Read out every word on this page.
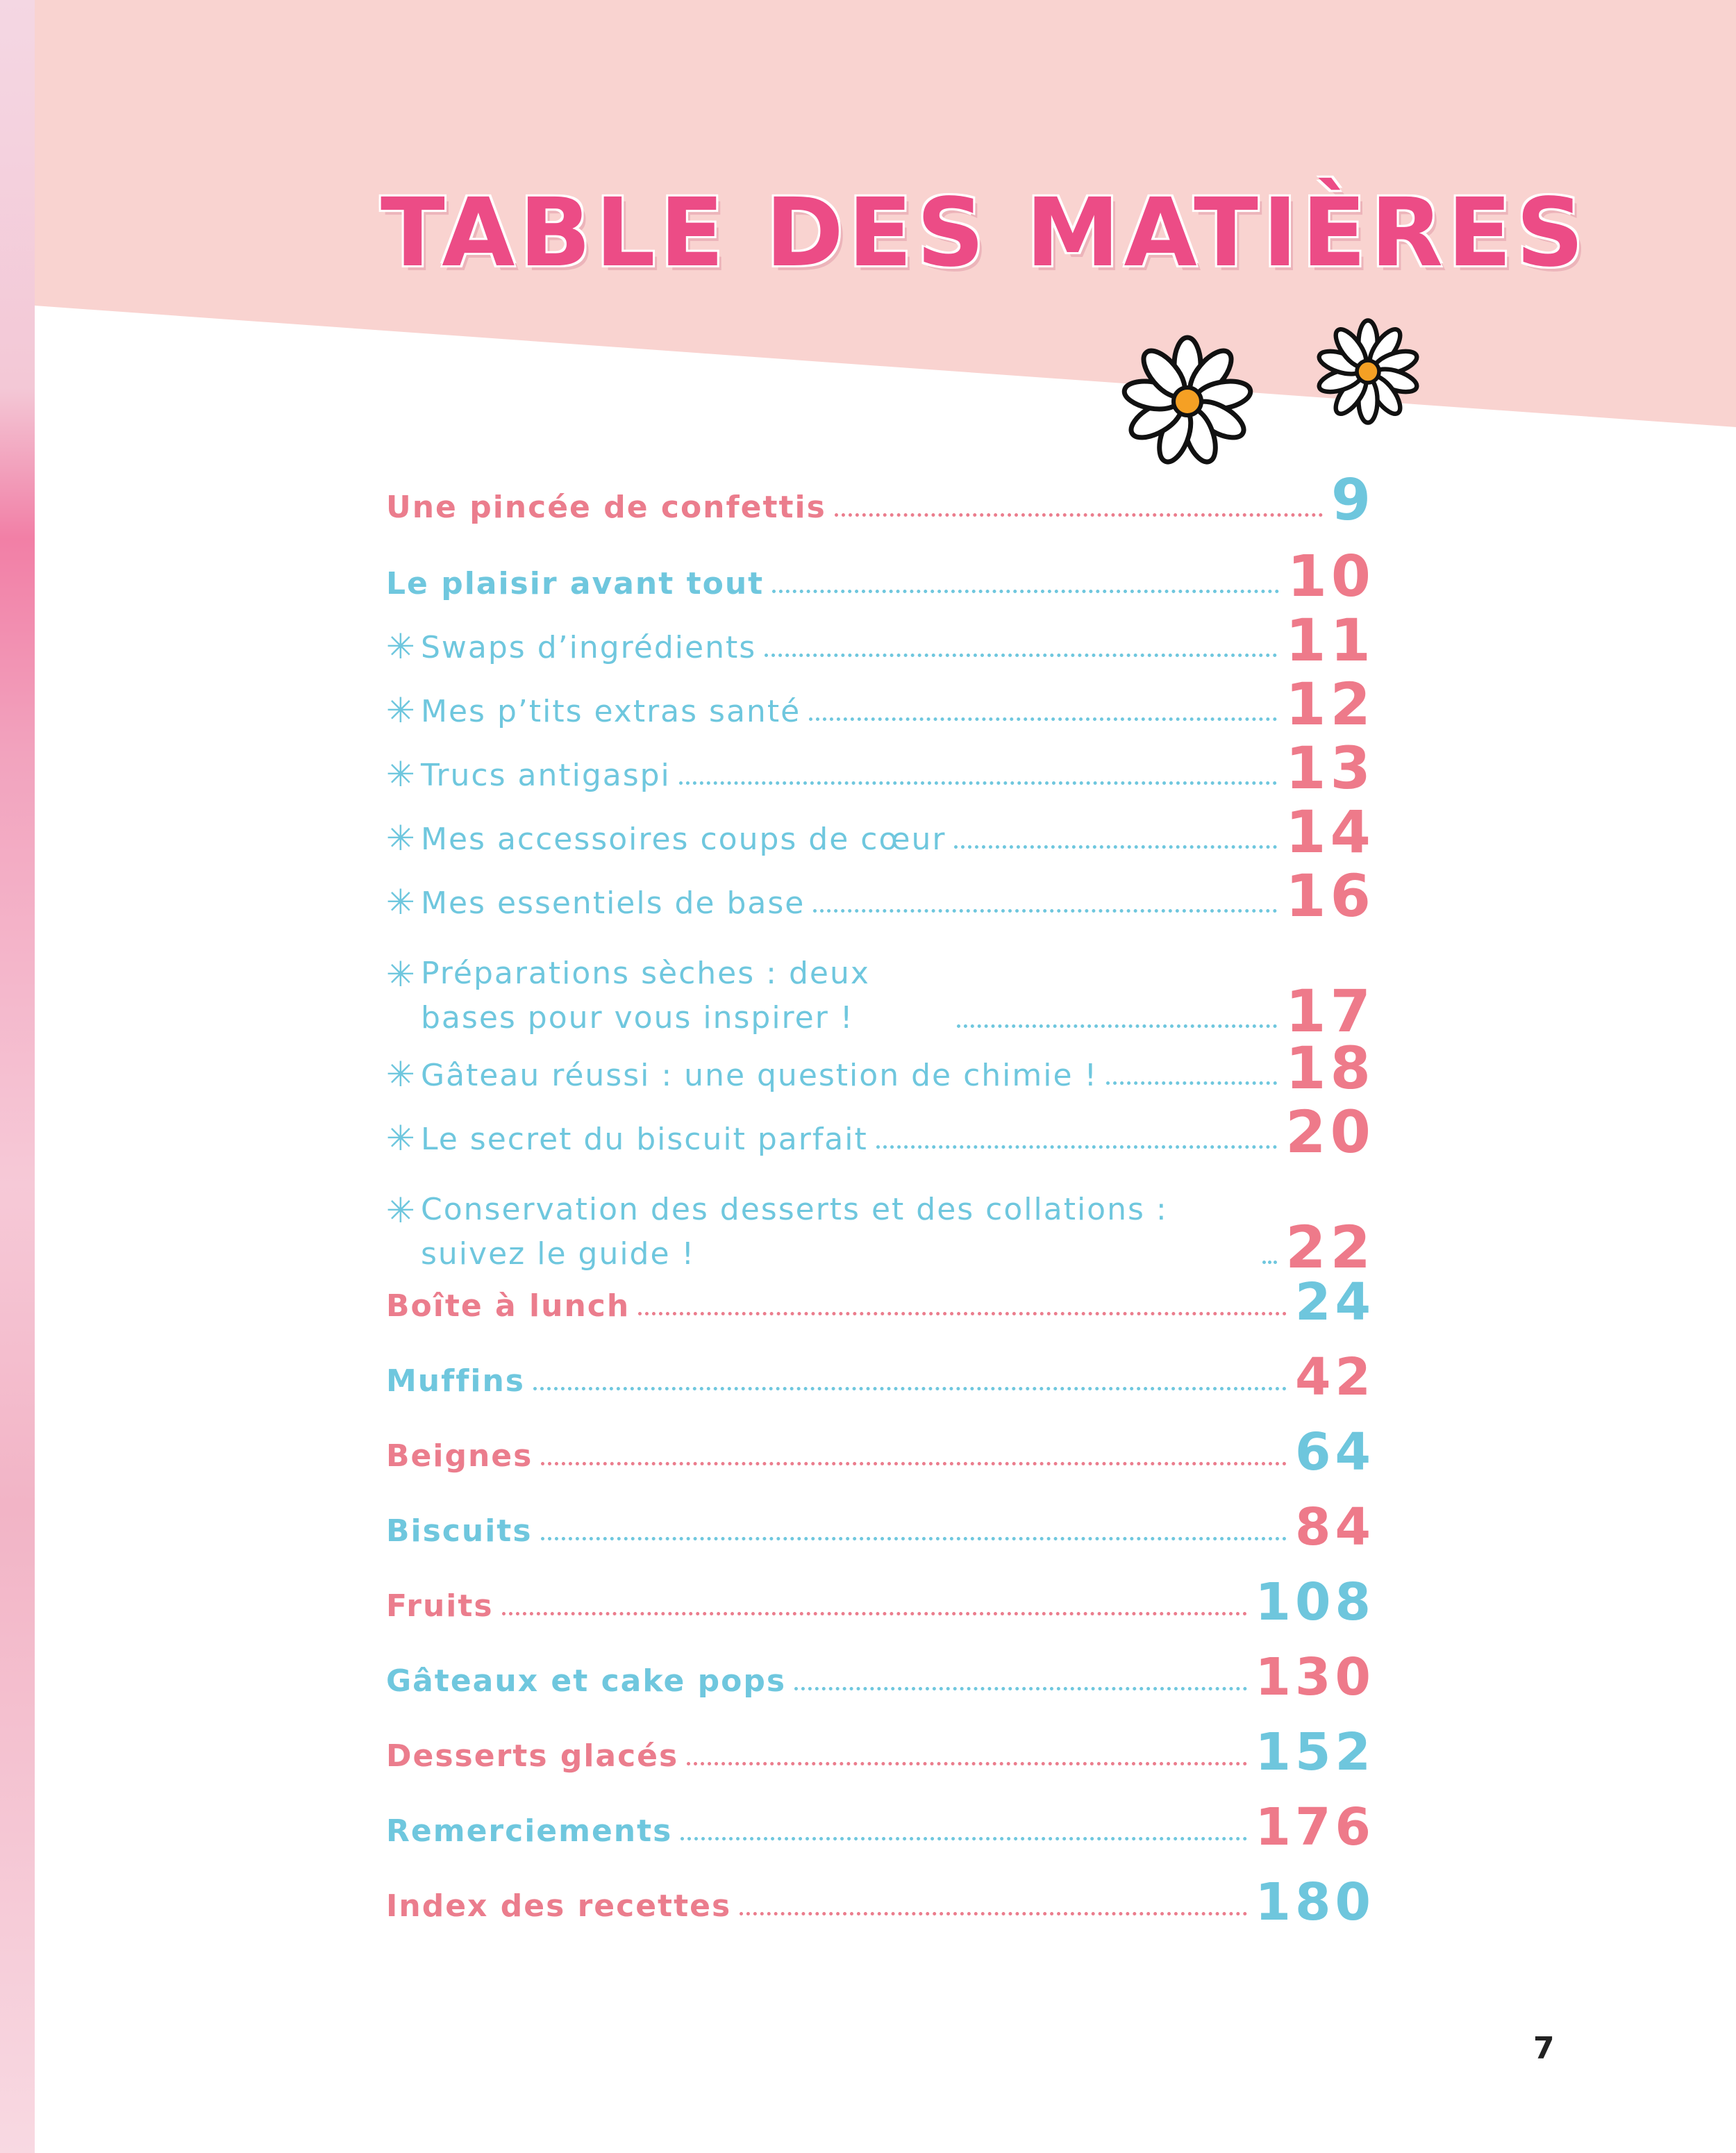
TABLE DES MATIÈRES
Une pincée de confettis	9
Le plaisir avant tout	10
✳ Swaps d’ingrédients	11
✳ Mes p’tits extras santé	12
✳ Trucs antigaspi	13
✳ Mes accessoires coups de cœur	14
✳ Mes essentiels de base	16
✳ Préparations sèches : deux bases pour vous inspirer !	17
✳ Gâteau réussi : une question de chimie !	18
✳ Le secret du biscuit parfait	20
✳ Conservation des desserts et des collations : suivez le guide !	22
Boîte à lunch	24
Muffins	42
Beignes	64
Biscuits	84
Fruits	108
Gâteaux et cake pops	130
Desserts glacés	152
Remerciements	176
Index des recettes	180
7
